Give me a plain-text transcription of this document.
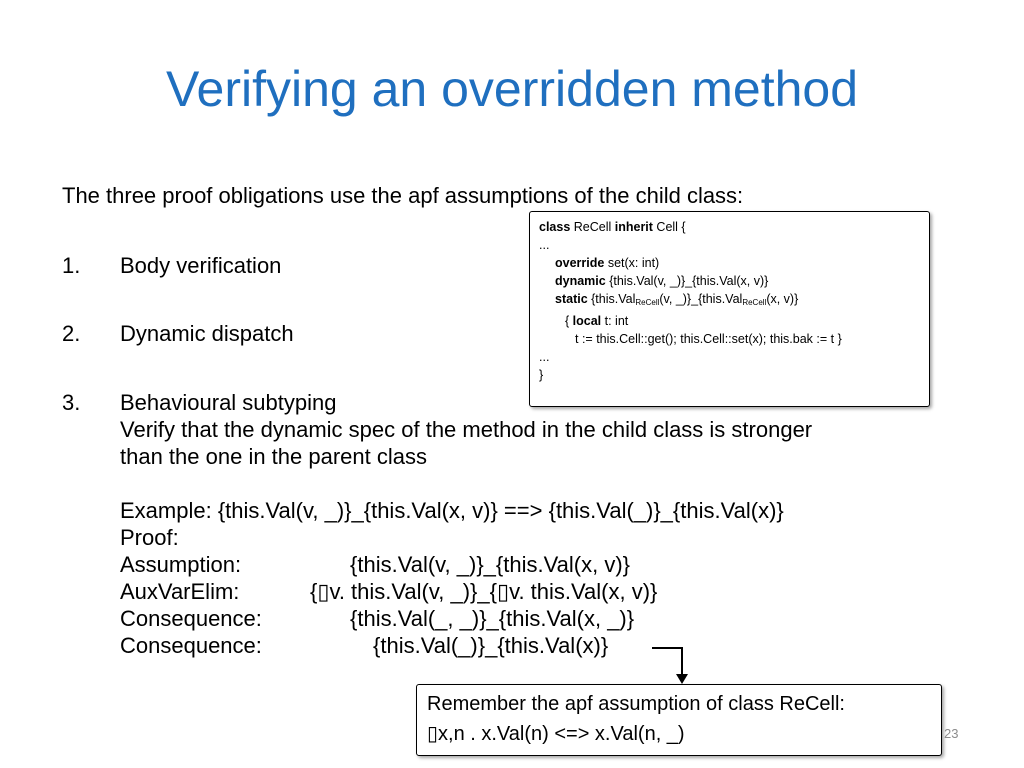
Verifying an overridden method
The three proof obligations use the apf assumptions of the child class:
1.	Body verification
2.	Dynamic dispatch
3.	Behavioural subtyping
Verify that the dynamic spec of the method in the child class is stronger
than the one in the parent class
Example: {this.Val(v, _)}_{this.Val(x, v)} ==> {this.Val(_)}_{this.Val(x)}
Proof:
Assumption:	{this.Val(v, _)}_{this.Val(x, v)}
AuxVarElim:	{▯v. this.Val(v, _)}_{▯v. this.Val(x, v)}
Consequence:	{this.Val(_, _)}_{this.Val(x, _)}
Consequence:	{this.Val(_)}_{this.Val(x)}
class ReCell inherit Cell {
...
override set(x: int)
dynamic {this.Val(v, _)}_{this.Val(x, v)}
static {this.Val$_{ReCell}$(v, _)}_{this.Val$_{ReCell}$(x, v)}
{ local t: int
t := this.Cell::get(); this.Cell::set(x); this.bak := t }
...
}
Remember the apf assumption of class ReCell:
▯x,n . x.Val(n) <=> x.Val(n, _)	23
